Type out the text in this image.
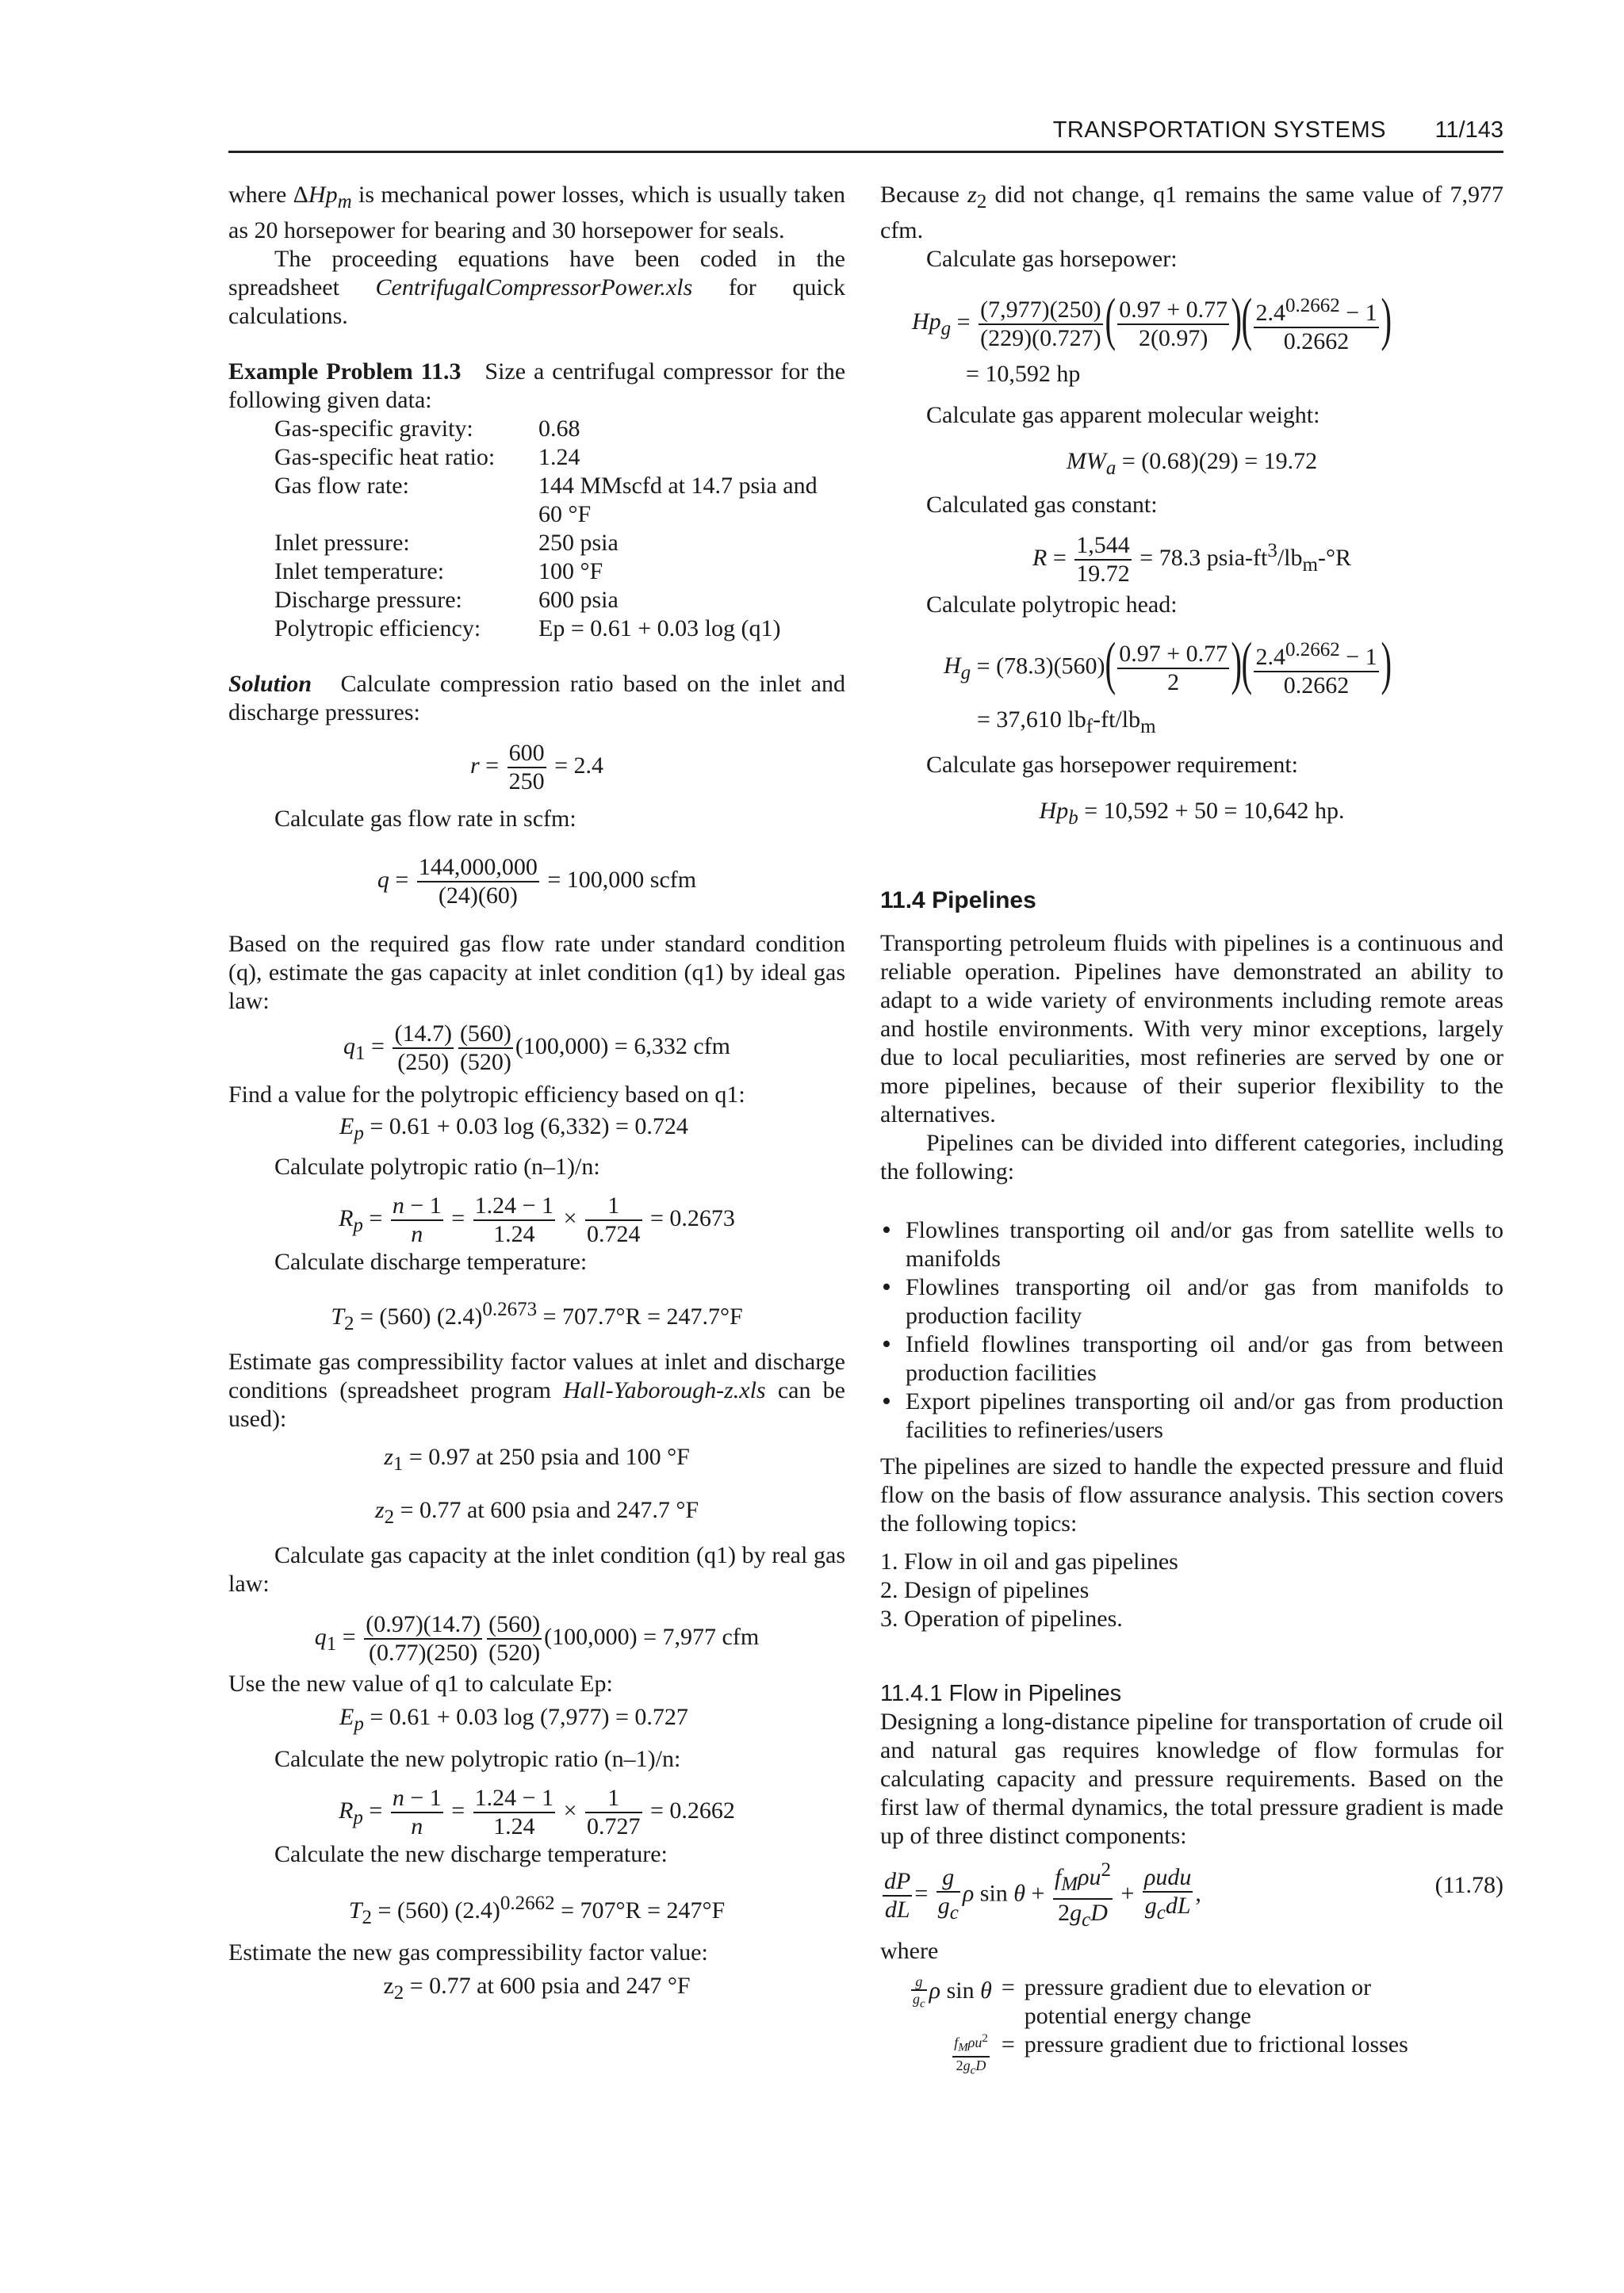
TRANSPORTATION SYSTEMS 11/143

where ΔHp$_m$ is mechanical power losses, which is usually taken as 20 horsepower for bearing and 30 horsepower for seals.

The proceeding equations have been coded in the spreadsheet CentrifugalCompressorPower.xls for quick calculations.

Example Problem 11.3 Size a centrifugal compressor for the following given data:

Gas-specific gravity:	0.68
Gas-specific heat ratio:	1.24
Gas flow rate:	144 MMscfd at 14.7 psia and 60 °F
Inlet pressure:	250 psia
Inlet temperature:	100 °F
Discharge pressure:	600 psia
Polytropic efficiency:	Ep = 0.61 + 0.03 log (q1)

Solution Calculate compression ratio based on the inlet and discharge pressures:

$r = \frac{600}{250} = 2.4$

Calculate gas flow rate in scfm:

$q = \frac{144,000,000}{(24)(60)} = 100,000$ scfm

Based on the required gas flow rate under standard condition (q), estimate the gas capacity at inlet condition (q1) by ideal gas law:

$q_1 = \frac{(14.7)}{(250)} \frac{(560)}{(520)} (100,000) = 6,332$ cfm

Find a value for the polytropic efficiency based on q1:

$E_p = 0.61 + 0.03$ log (6,332) = 0.724

Calculate polytropic ratio (n–1)/n:

$R_p = \frac{n - 1}{n} = \frac{1.24 - 1}{1.24} \times \frac{1}{0.724} = 0.2673$

Calculate discharge temperature:

$T_2 = (560) (2.4)^{0.2673} = 707.7^\circ R = 247.7^\circ F$

Estimate gas compressibility factor values at inlet and discharge conditions (spreadsheet program Hall-Yaborough-z.xls can be used):

$z_1 = 0.97$ at 250 psia and 100 °F
$z_2 = 0.77$ at 600 psia and 247.7 °F

Calculate gas capacity at the inlet condition (q1) by real gas law:

$q_1 = \frac{(0.97)(14.7)}{(0.77)(250)} \frac{(560)}{(520)} (100,000) = 7,977$ cfm

Use the new value of q1 to calculate Ep:

$E_p = 0.61 + 0.03$ log (7,977) = 0.727

Calculate the new polytropic ratio (n–1)/n:

$R_p = \frac{n - 1}{n} = \frac{1.24 - 1}{1.24} \times \frac{1}{0.727} = 0.2662$

Calculate the new discharge temperature:

$T_2 = (560) (2.4)^{0.2662} = 707^\circ R = 247^\circ F$

Estimate the new gas compressibility factor value:

$z_2 = 0.77$ at 600 psia and 247 °F

Because $z_2$ did not change, q1 remains the same value of 7,977 cfm.

Calculate gas horsepower:

$Hp_g = \frac{(7,977)(250)}{(229)(0.727)}$ ( $\frac{0.97 + 0.77}{2(0.97)}$ )( $\frac{2.4^{0.2662} - 1}{0.2662}$ )
= 10,592 hp

Calculate gas apparent molecular weight:

$MW_a = (0.68)(29) = 19.72$

Calculated gas constant:

$R = \frac{1,544}{19.72} = 78.3$ psia-$ft^3/lb_m-^\circ R$

Calculate polytropic head:

$H_g = (78.3)(560)( \frac{0.97 + 0.77}{2}$ )( $\frac{2.4^{0.2662} - 1}{0.2662}$ )
= 37,610 $lb_f-ft/lb_m$

Calculate gas horsepower requirement:

$Hp_b = 10,592 + 50 = 10,642$ hp.

11.4 Pipelines

Transporting petroleum fluids with pipelines is a continuous and reliable operation. Pipelines have demonstrated an ability to adapt to a wide variety of environments including remote areas and hostile environments. With very minor exceptions, largely due to local peculiarities, most refineries are served by one or more pipelines, because of their superior flexibility to the alternatives.

Pipelines can be divided into different categories, including the following:

• Flowlines transporting oil and/or gas from satellite wells to manifolds
• Flowlines transporting oil and/or gas from manifolds to production facility
• Infield flowlines transporting oil and/or gas from between production facilities
• Export pipelines transporting oil and/or gas from production facilities to refineries/users

The pipelines are sized to handle the expected pressure and fluid flow on the basis of flow assurance analysis. This section covers the following topics:

1. Flow in oil and gas pipelines
2. Design of pipelines
3. Operation of pipelines.

11.4.1 Flow in Pipelines

Designing a long-distance pipeline for transportation of crude oil and natural gas requires knowledge of flow formulas for calculating capacity and pressure requirements. Based on the first law of thermal dynamics, the total pressure gradient is made up of three distinct components:

$\frac{dP}{dL} = \frac{g}{g_c}$ ρ $\sin \theta + \frac{f_M\rho u^2}{2g_cD} + \frac{\text{ρudu}}{g_cdL}$ ,	(11.78)

where

$\frac{g}{g_c}$ ρ sin θ	=	pressure gradient due to elevation or
potential energy change

$\frac{f_M\rho u^2}{2g_cD}$	=	pressure gradient due to frictional losses
